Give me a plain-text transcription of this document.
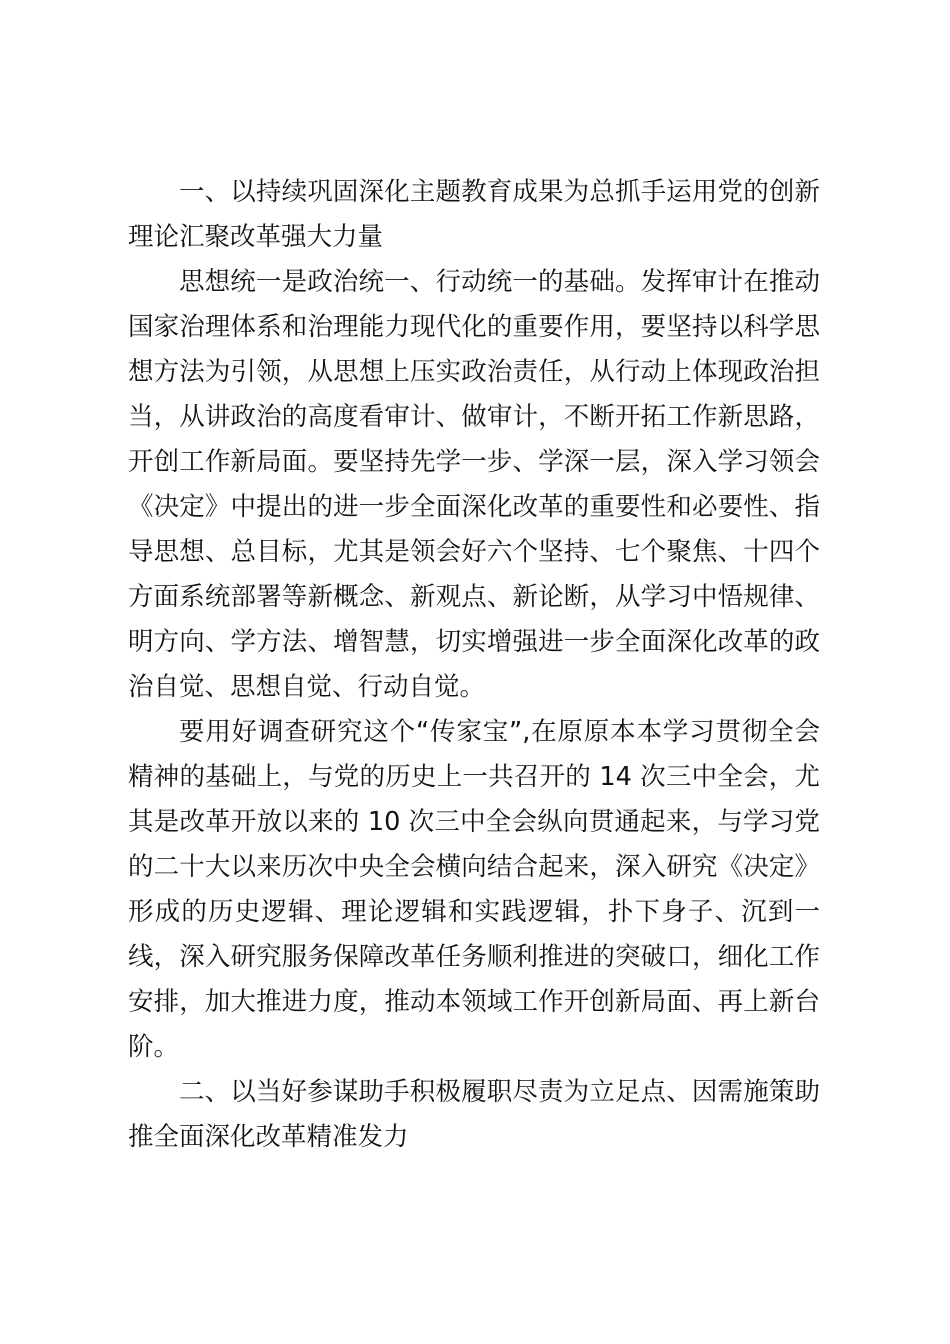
一、以持续巩固深化主题教育成果为总抓手运用党的创新理论汇聚改革强大力量

思想统一是政治统一、行动统一的基础。发挥审计在推动国家治理体系和治理能力现代化的重要作用，要坚持以科学思想方法为引领，从思想上压实政治责任，从行动上体现政治担当，从讲政治的高度看审计、做审计，不断开拓工作新思路，开创工作新局面。要坚持先学一步、学深一层，深入学习领会《决定》中提出的进一步全面深化改革的重要性和必要性、指导思想、总目标，尤其是领会好六个坚持、七个聚焦、十四个方面系统部署等新概念、新观点、新论断，从学习中悟规律、明方向、学方法、增智慧，切实增强进一步全面深化改革的政治自觉、思想自觉、行动自觉。

要用好调查研究这个“传家宝”,在原原本本学习贯彻全会精神的基础上，与党的历史上一共召开的 14 次三中全会，尤其是改革开放以来的 10 次三中全会纵向贯通起来，与学习党的二十大以来历次中央全会横向结合起来，深入研究《决定》形成的历史逻辑、理论逻辑和实践逻辑，扑下身子、沉到一线，深入研究服务保障改革任务顺利推进的突破口，细化工作安排，加大推进力度，推动本领域工作开创新局面、再上新台阶。

二、以当好参谋助手积极履职尽责为立足点、因需施策助推全面深化改革精准发力
